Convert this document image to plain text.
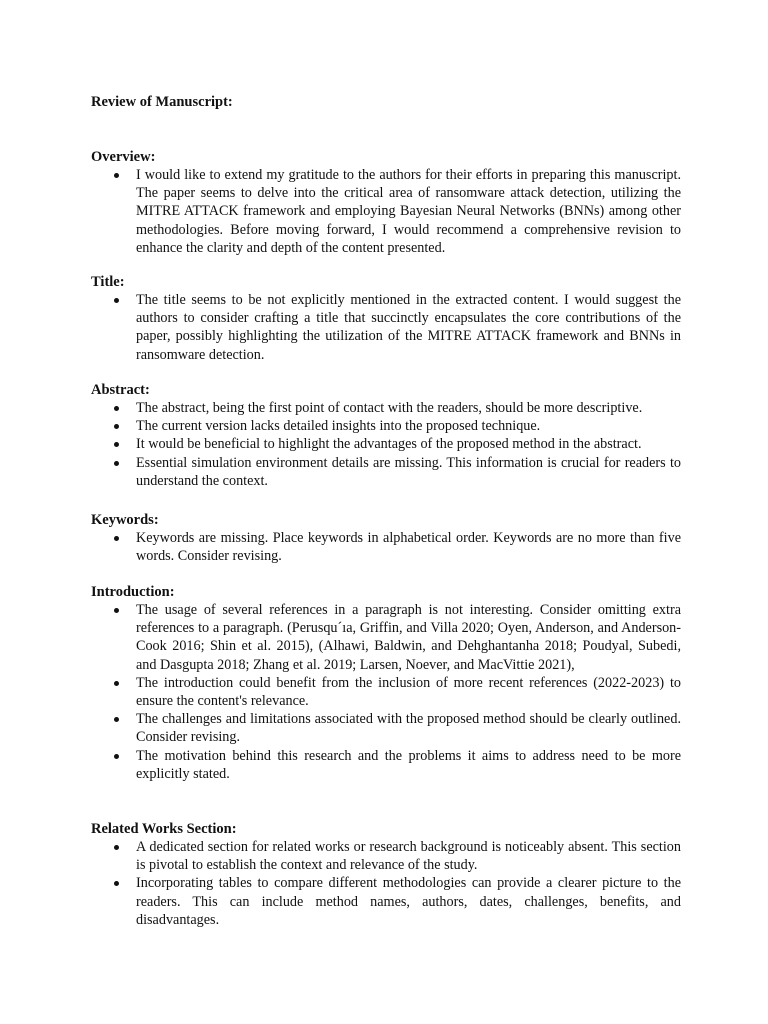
Review of Manuscript:
Overview:
I would like to extend my gratitude to the authors for their efforts in preparing this manuscript. The paper seems to delve into the critical area of ransomware attack detection, utilizing the MITRE ATTACK framework and employing Bayesian Neural Networks (BNNs) among other methodologies. Before moving forward, I would recommend a comprehensive revision to enhance the clarity and depth of the content presented.
Title:
The title seems to be not explicitly mentioned in the extracted content. I would suggest the authors to consider crafting a title that succinctly encapsulates the core contributions of the paper, possibly highlighting the utilization of the MITRE ATTACK framework and BNNs in ransomware detection.
Abstract:
The abstract, being the first point of contact with the readers, should be more descriptive.
The current version lacks detailed insights into the proposed technique.
It would be beneficial to highlight the advantages of the proposed method in the abstract.
Essential simulation environment details are missing. This information is crucial for readers to understand the context.
Keywords:
Keywords are missing. Place keywords in alphabetical order. Keywords are no more than five words. Consider revising.
Introduction:
The usage of several references in a paragraph is not interesting. Consider omitting extra references to a paragraph. (Perusqu´ıa, Griffin, and Villa 2020; Oyen, Anderson, and Anderson-Cook 2016; Shin et al. 2015), (Alhawi, Baldwin, and Dehghantanha 2018; Poudyal, Subedi, and Dasgupta 2018; Zhang et al. 2019; Larsen, Noever, and MacVittie 2021),
The introduction could benefit from the inclusion of more recent references (2022-2023) to ensure the content's relevance.
The challenges and limitations associated with the proposed method should be clearly outlined. Consider revising.
The motivation behind this research and the problems it aims to address need to be more explicitly stated.
Related Works Section:
A dedicated section for related works or research background is noticeably absent. This section is pivotal to establish the context and relevance of the study.
Incorporating tables to compare different methodologies can provide a clearer picture to the readers. This can include method names, authors, dates, challenges, benefits, and disadvantages.
